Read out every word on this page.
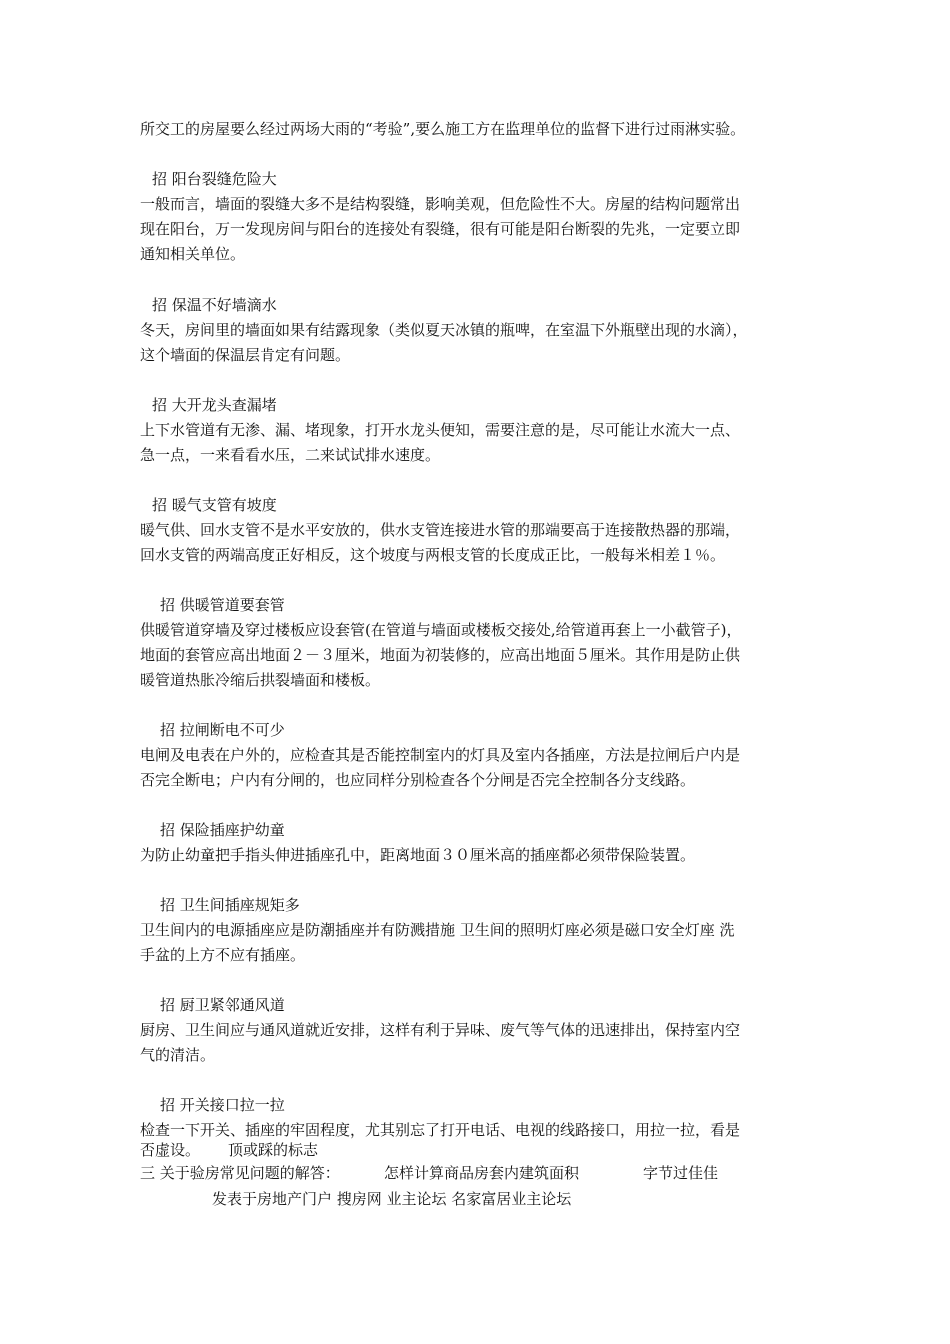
所交工的房屋要么经过两场大雨的“考验”,要么施工方在监理单位的监督下进行过雨淋实验。
招 阳台裂缝危险大
一般而言，墙面的裂缝大多不是结构裂缝，影响美观，但危险性不大。房屋的结构问题常出
现在阳台，万一发现房间与阳台的连接处有裂缝，很有可能是阳台断裂的先兆，一定要立即
通知相关单位。
招 保温不好墙滴水
冬天，房间里的墙面如果有结露现象（类似夏天冰镇的瓶啤，在室温下外瓶壁出现的水滴），
这个墙面的保温层肯定有问题。
招 大开龙头查漏堵
上下水管道有无渗、漏、堵现象，打开水龙头便知，需要注意的是，尽可能让水流大一点、
急一点，一来看看水压，二来试试排水速度。
招 暖气支管有坡度
暖气供、回水支管不是水平安放的，供水支管连接进水管的那端要高于连接散热器的那端，
回水支管的两端高度正好相反，这个坡度与两根支管的长度成正比，一般每米相差１％。
招 供暖管道要套管
供暖管道穿墙及穿过楼板应设套管(在管道与墙面或楼板交接处,给管道再套上一小截管子)，
地面的套管应高出地面２－３厘米，地面为初装修的，应高出地面５厘米。其作用是防止供
暖管道热胀冷缩后拱裂墙面和楼板。
招 拉闸断电不可少
电闸及电表在户外的，应检查其是否能控制室内的灯具及室内各插座，方法是拉闸后户内是
否完全断电；户内有分闸的，也应同样分别检查各个分闸是否完全控制各分支线路。
招 保险插座护幼童
为防止幼童把手指头伸进插座孔中，距离地面３０厘米高的插座都必须带保险装置。
招 卫生间插座规矩多
卫生间内的电源插座应是防潮插座并有防溅措施 卫生间的照明灯座必须是磁口安全灯座 洗
手盆的上方不应有插座。
招 厨卫紧邻通风道
厨房、卫生间应与通风道就近安排，这样有利于异味、废气等气体的迅速排出，保持室内空
气的清洁。
招 开关接口拉一拉
检查一下开关、插座的牢固程度，尤其别忘了打开电话、电视的线路接口，用拉一拉，看是
否虚设。	顶或踩的标志
三 关于验房常见问题的解答：	怎样计算商品房套内建筑面积	字节过佳佳
发表于房地产门户 搜房网 业主论坛 名家富居业主论坛
